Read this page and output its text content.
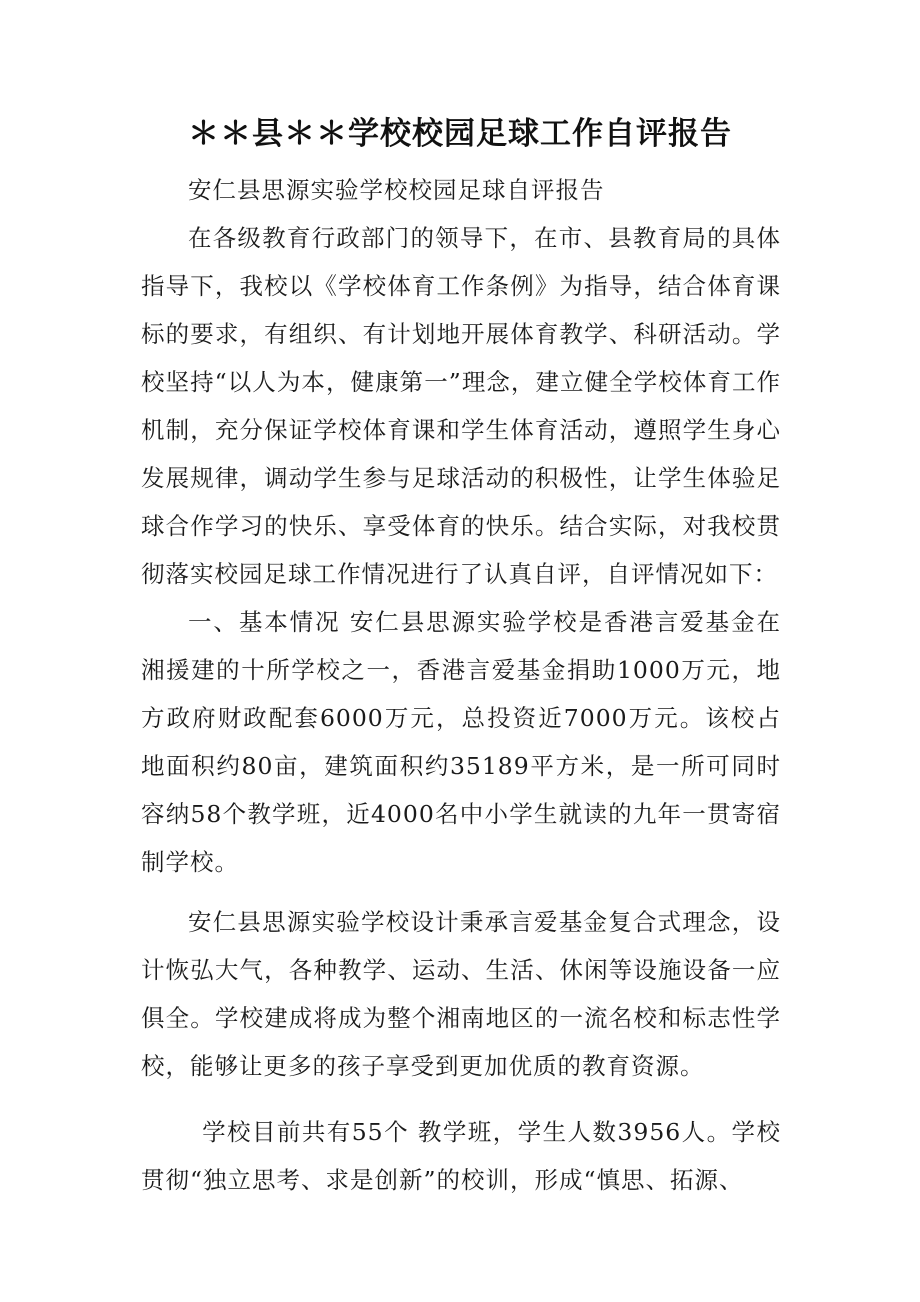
＊＊县＊＊学校校园足球工作自评报告

安仁县思源实验学校校园足球自评报告

在各级教育行政部门的领导下，在市、县教育局的具体指导下，我校以《学校体育工作条例》为指导，结合体育课标的要求，有组织、有计划地开展体育教学、科研活动。学校坚持“以人为本，健康第一”理念，建立健全学校体育工作机制，充分保证学校体育课和学生体育活动，遵照学生身心发展规律，调动学生参与足球活动的积极性，让学生体验足球合作学习的快乐、享受体育的快乐。结合实际，对我校贯彻落实校园足球工作情况进行了认真自评，自评情况如下：

一、基本情况 安仁县思源实验学校是香港言爱基金在湘援建的十所学校之一，香港言爱基金捐助1000万元，地方政府财政配套6000万元，总投资近7000万元。该校占地面积约80亩，建筑面积约35189平方米，是一所可同时容纳58个教学班，近4000名中小学生就读的九年一贯寄宿制学校。

安仁县思源实验学校设计秉承言爱基金复合式理念，设计恢弘大气，各种教学、运动、生活、休闲等设施设备一应俱全。学校建成将成为整个湘南地区的一流名校和标志性学校，能够让更多的孩子享受到更加优质的教育资源。

学校目前共有55个 教学班，学生人数3956人。学校贯彻“独立思考、求是创新”的校训，形成“慎思、拓源、
